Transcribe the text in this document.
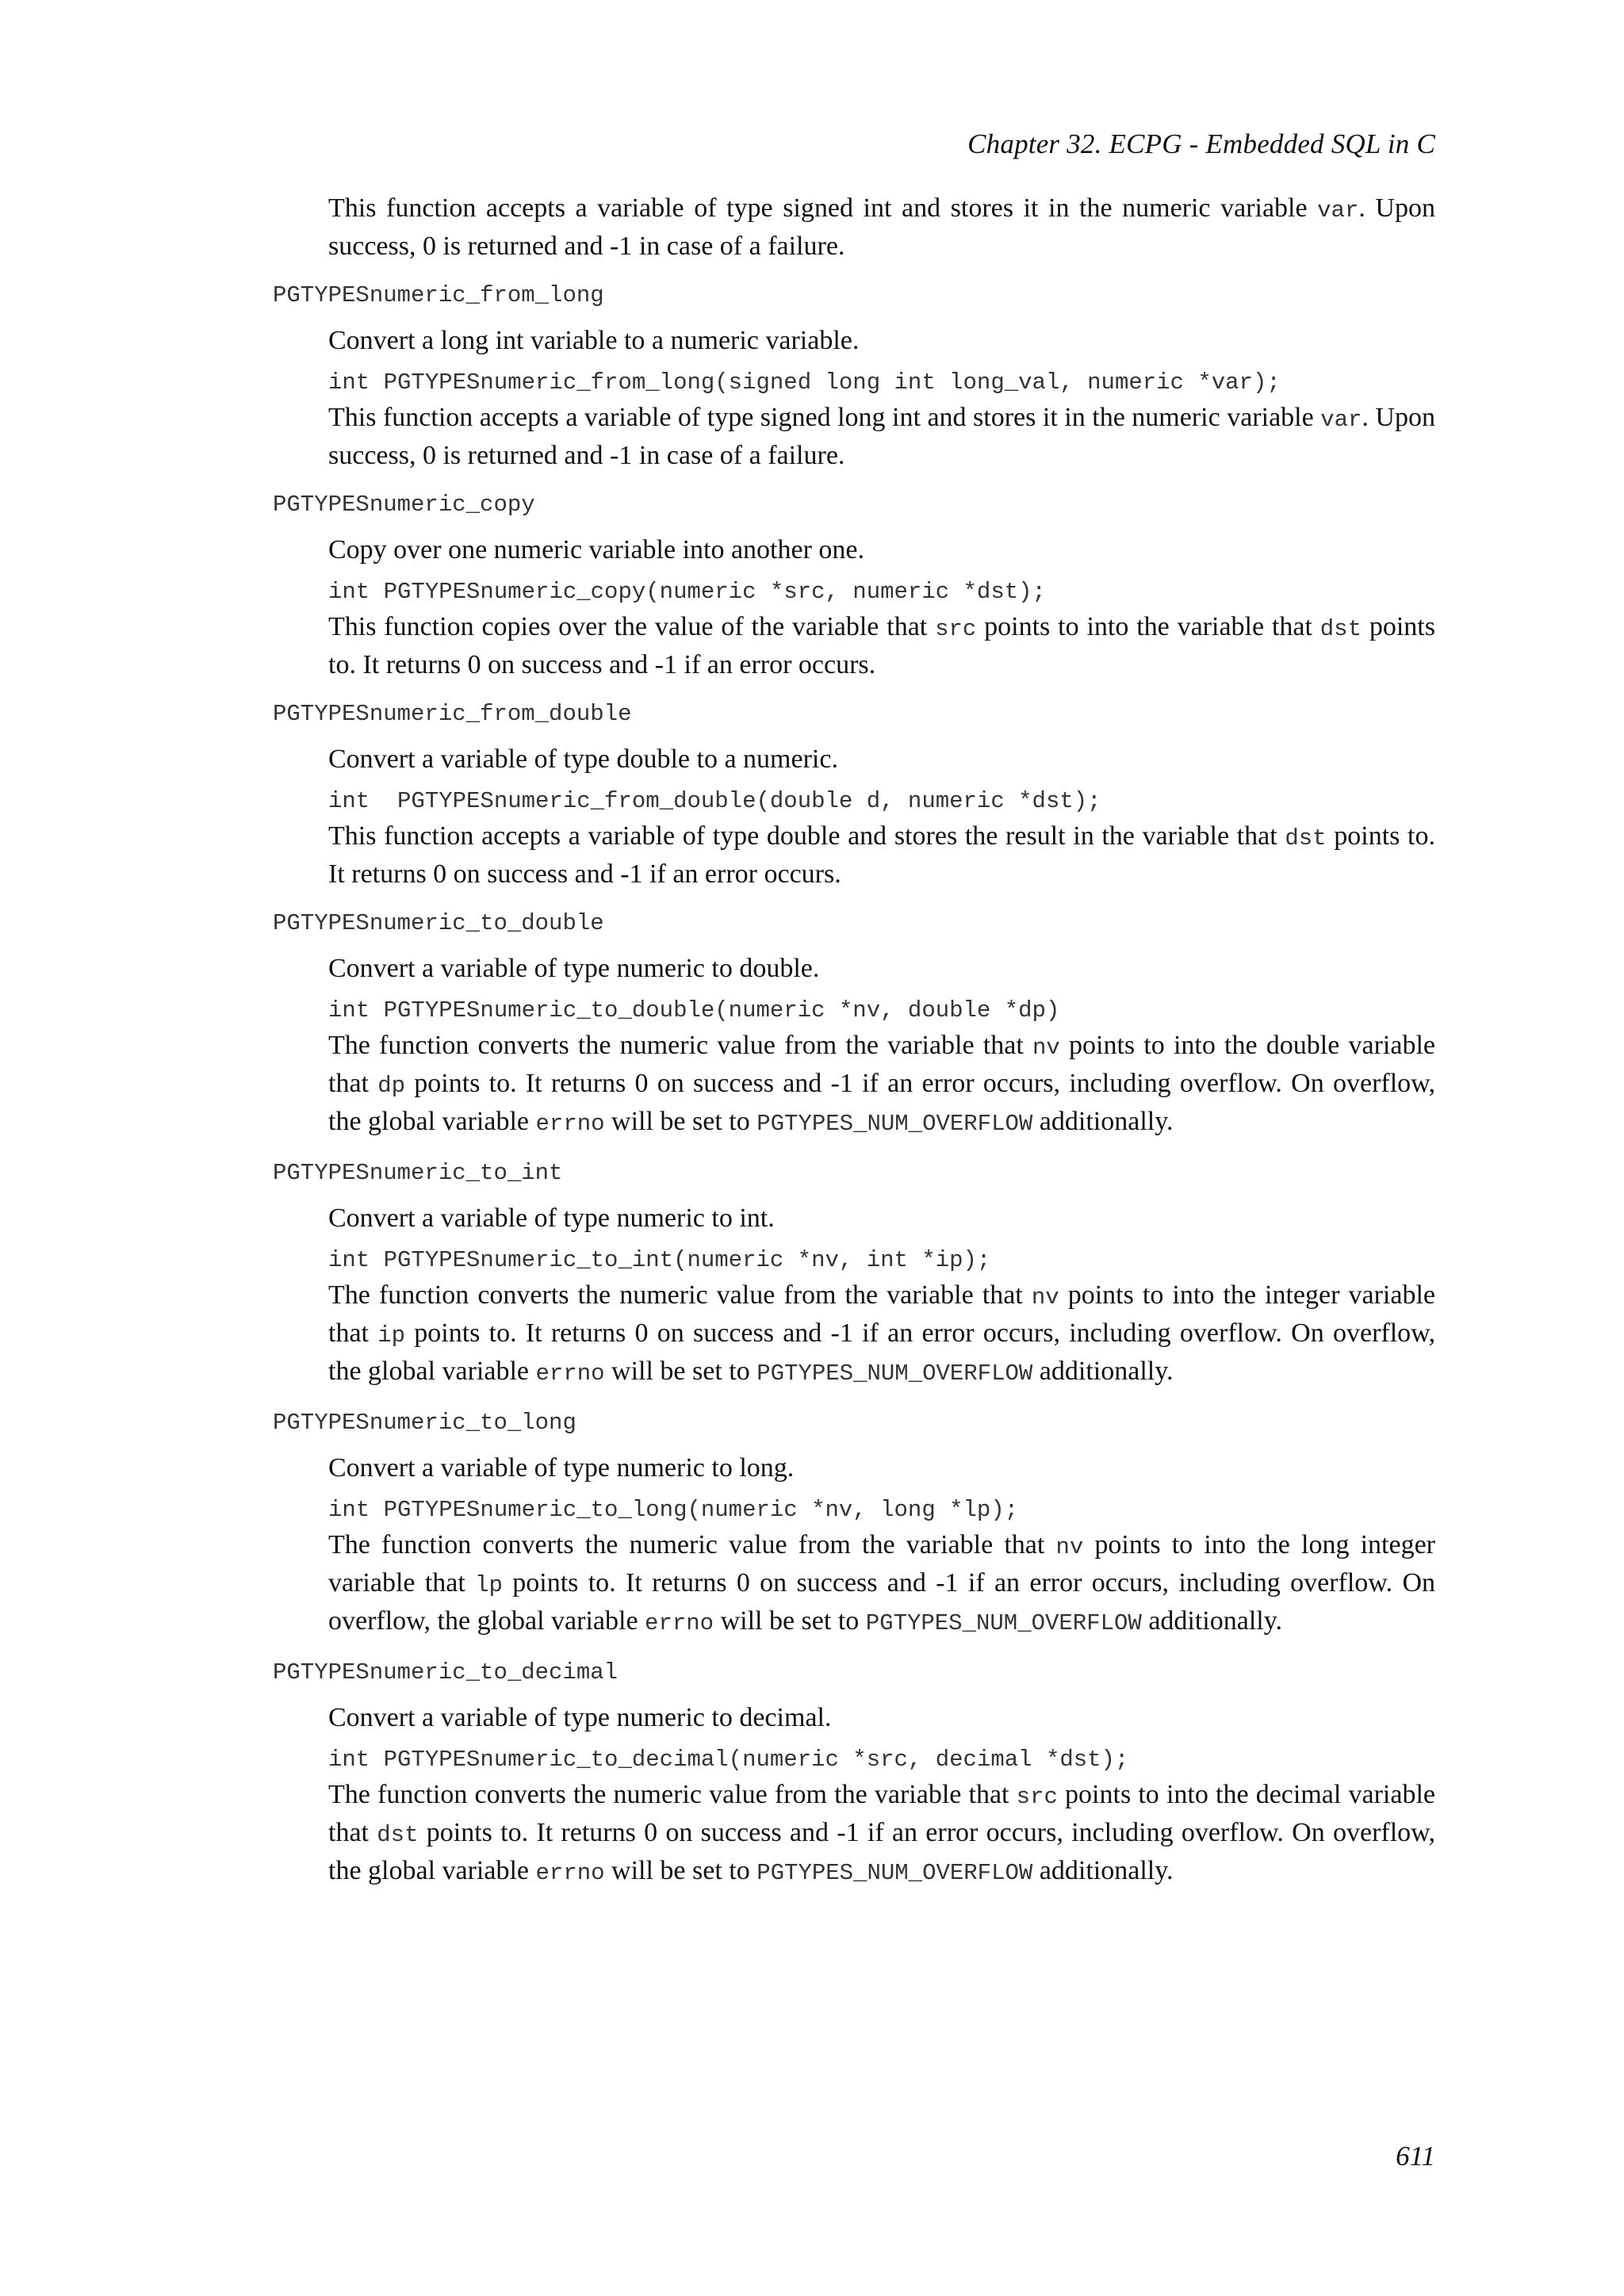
Chapter 32. ECPG - Embedded SQL in C

This function accepts a variable of type signed int and stores it in the numeric variable var. Upon success, 0 is returned and -1 in case of a failure.

PGTYPESnumeric_from_long
Convert a long int variable to a numeric variable.
int PGTYPESnumeric_from_long(signed long int long_val, numeric *var);
This function accepts a variable of type signed long int and stores it in the numeric variable var. Upon success, 0 is returned and -1 in case of a failure.
PGTYPESnumeric_copy
Copy over one numeric variable into another one.
int PGTYPESnumeric_copy(numeric *src, numeric *dst);
This function copies over the value of the variable that src points to into the variable that dst points to. It returns 0 on success and -1 if an error occurs.
PGTYPESnumeric_from_double
Convert a variable of type double to a numeric.
int  PGTYPESnumeric_from_double(double d, numeric *dst);
This function accepts a variable of type double and stores the result in the variable that dst points to. It returns 0 on success and -1 if an error occurs.
PGTYPESnumeric_to_double
Convert a variable of type numeric to double.
int PGTYPESnumeric_to_double(numeric *nv, double *dp)
The function converts the numeric value from the variable that nv points to into the double variable that dp points to. It returns 0 on success and -1 if an error occurs, including overflow. On overflow, the global variable errno will be set to PGTYPES_NUM_OVERFLOW additionally.
PGTYPESnumeric_to_int
Convert a variable of type numeric to int.
int PGTYPESnumeric_to_int(numeric *nv, int *ip);
The function converts the numeric value from the variable that nv points to into the integer variable that ip points to. It returns 0 on success and -1 if an error occurs, including overflow. On overflow, the global variable errno will be set to PGTYPES_NUM_OVERFLOW additionally.
PGTYPESnumeric_to_long
Convert a variable of type numeric to long.
int PGTYPESnumeric_to_long(numeric *nv, long *lp);
The function converts the numeric value from the variable that nv points to into the long integer variable that lp points to. It returns 0 on success and -1 if an error occurs, including overflow. On overflow, the global variable errno will be set to PGTYPES_NUM_OVERFLOW additionally.
PGTYPESnumeric_to_decimal
Convert a variable of type numeric to decimal.
int PGTYPESnumeric_to_decimal(numeric *src, decimal *dst);
The function converts the numeric value from the variable that src points to into the decimal variable that dst points to. It returns 0 on success and -1 if an error occurs, including overflow. On overflow, the global variable errno will be set to PGTYPES_NUM_OVERFLOW additionally.
611
